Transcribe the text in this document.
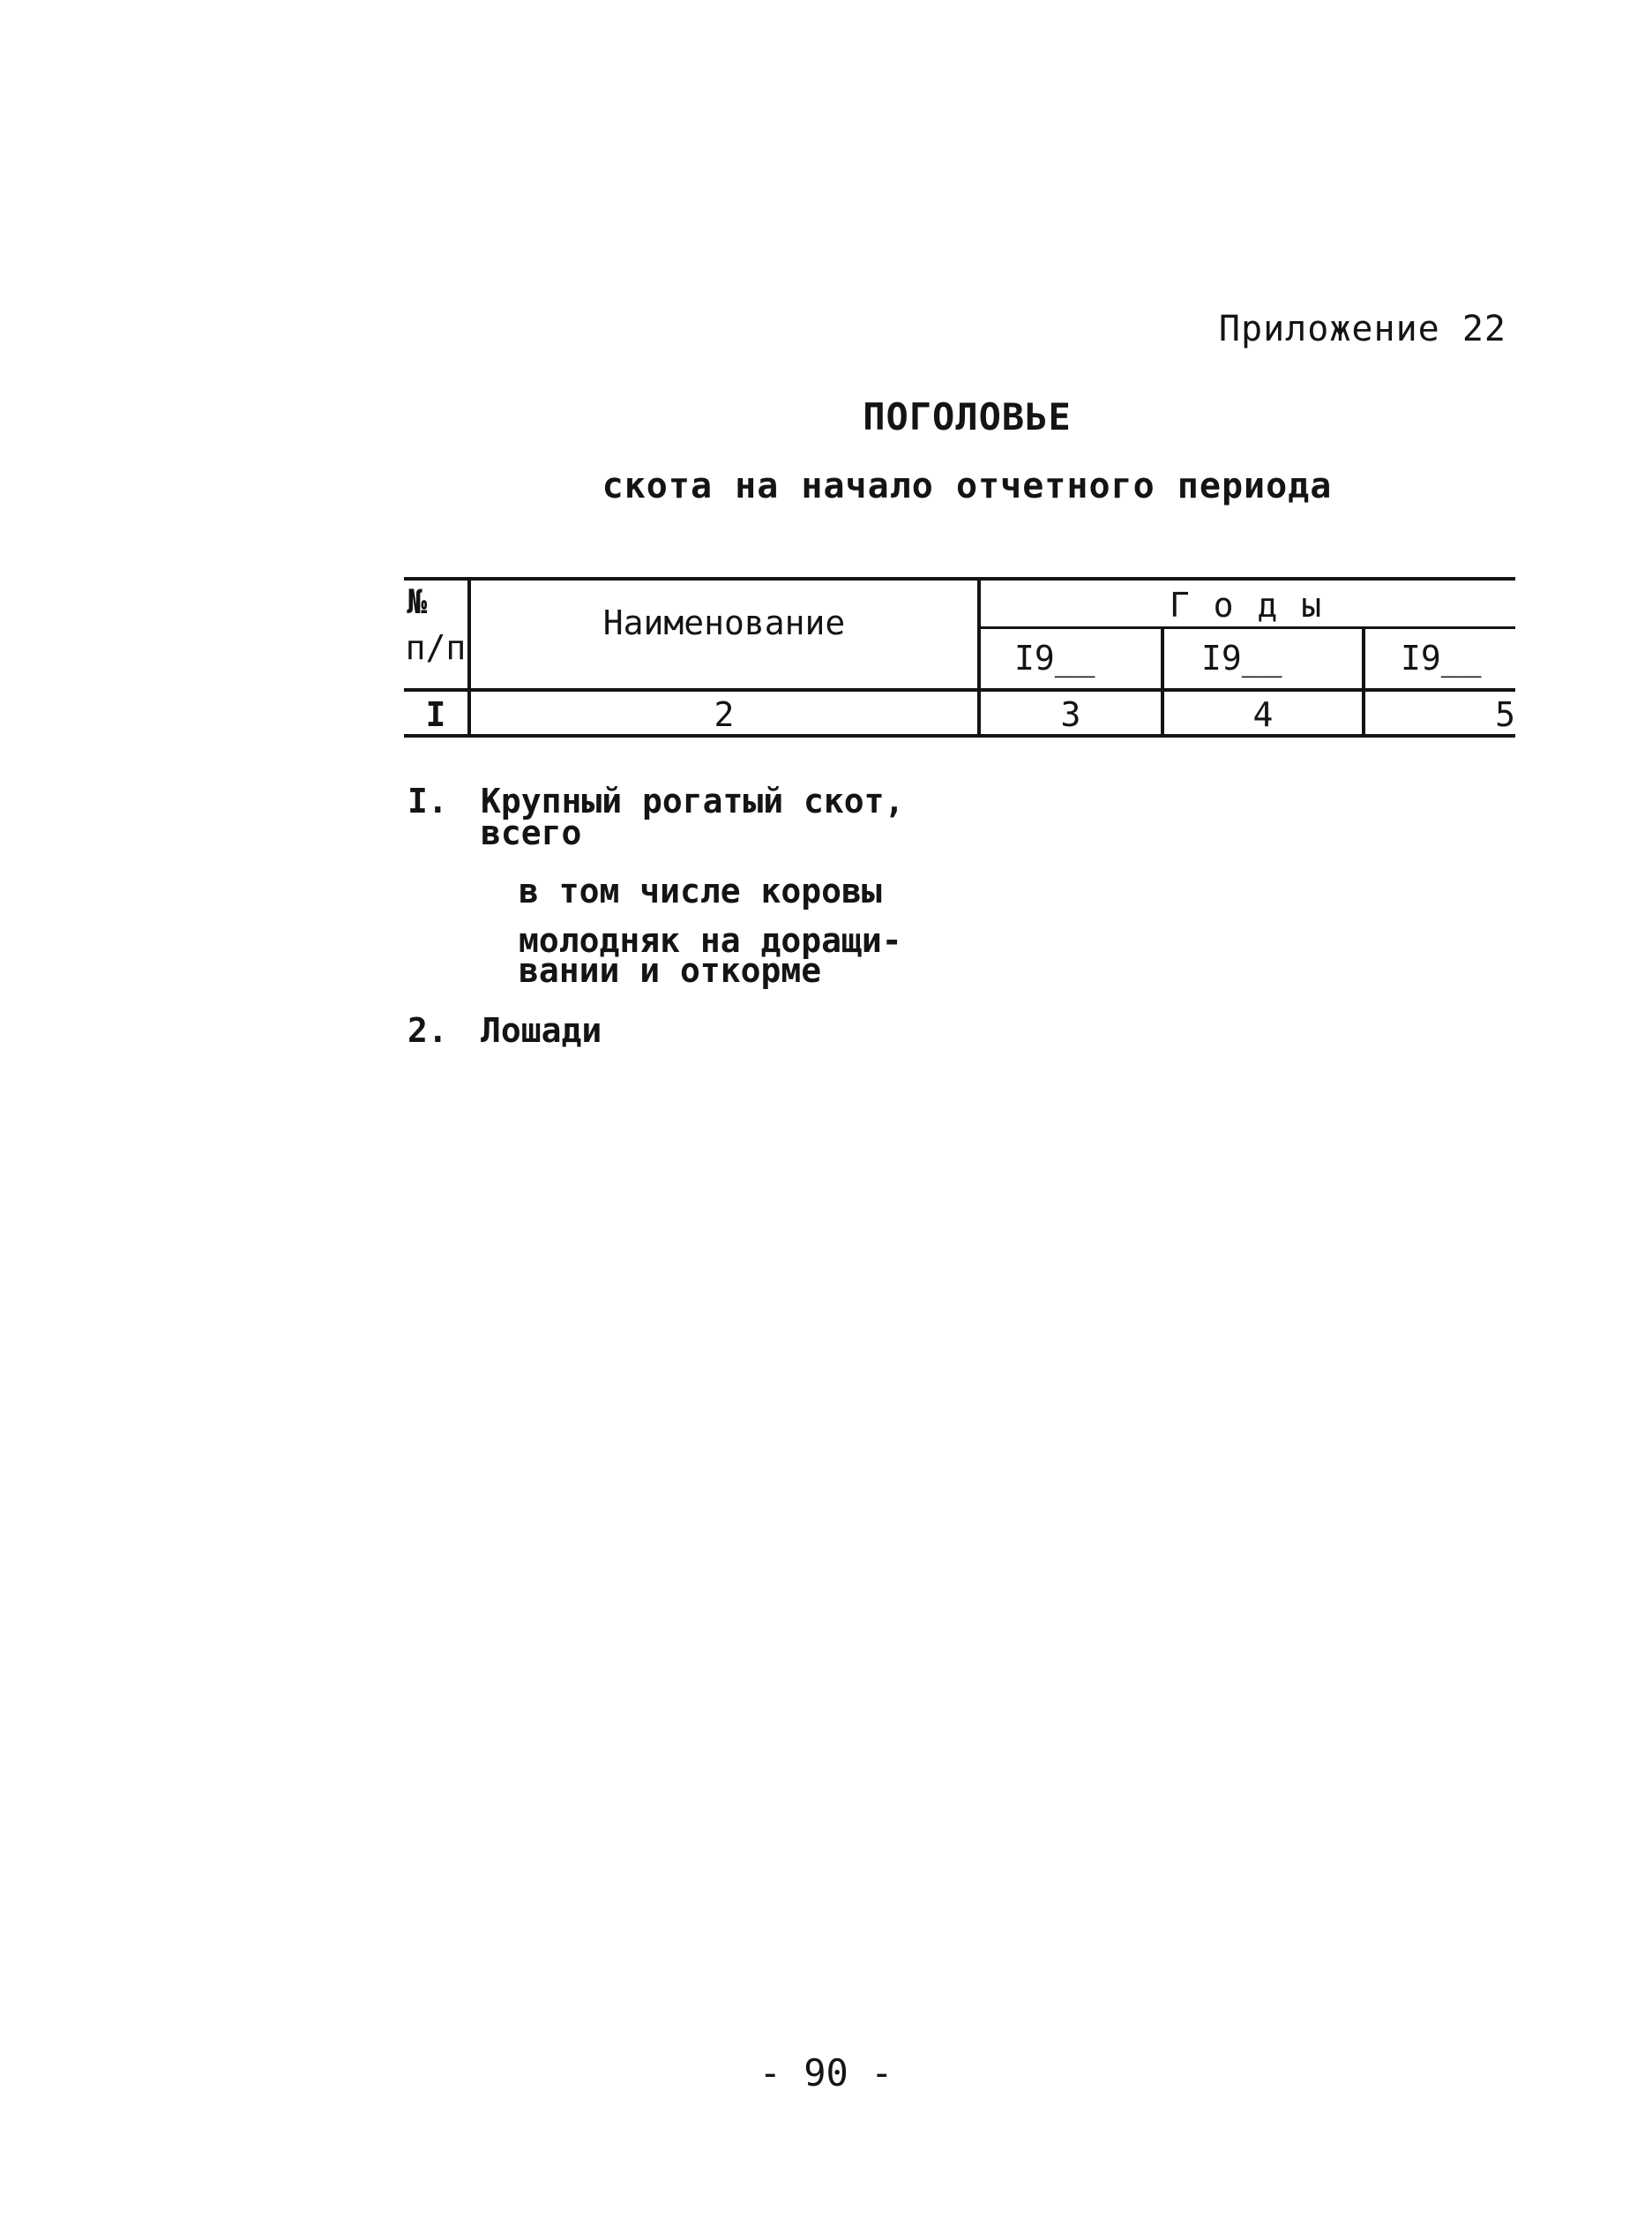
Приложение 22
ПОГОЛОВЬЕ
скота на начало отчетного периода
№
п/п
Наименование	Г о д ы
I9__	I9__	I9__
I	2	3	4	5
I. Крупный рогатый скот,
всего
в том числе коровы
молодняк на доращи-
вании и откорме
2. Лошади
- 90 -
